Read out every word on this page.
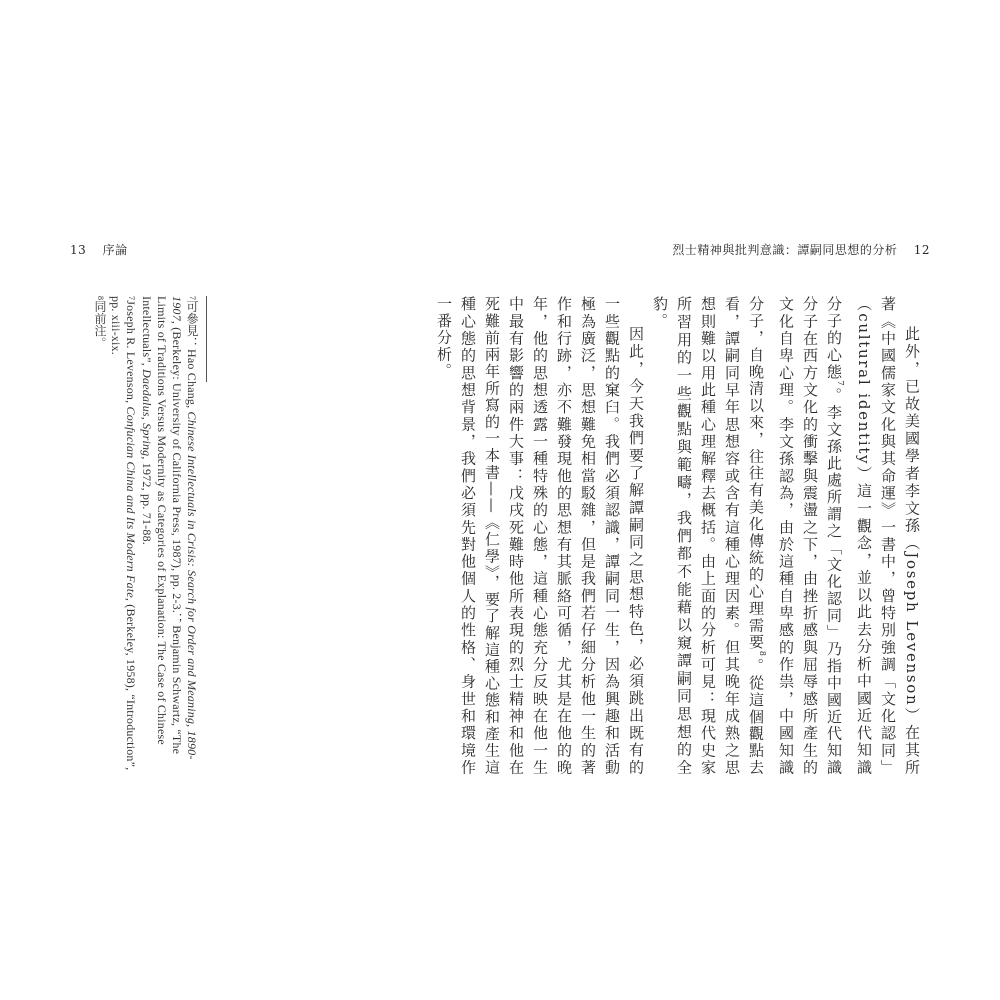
13 序論	烈士精神與批判意識：譚嗣同思想的分析 12

此外，已故美國學者李文孫（Joseph Levenson）在其所著《中國儒家文化與其命運》一書中，曾特別強調「文化認同」（cultural identity）這一觀念，並以此去分析中國近代知識分子的心態$^7$。李文孫此處所謂之「文化認同」乃指中國近代知識分子在西方文化的衝擊與震盪之下，由挫折感與屈辱感所產生的文化自卑心理。李文孫認為，由於這種自卑感的作祟，中國知識分子，自晚清以來，往往有美化傳統的心理需要$^8$。從這個觀點去看，譚嗣同早年思想容或含有這種心理因素。但其晚年成熟之思想則難以用此種心理解釋去概括。由上面的分析可見：現代史家所習用的一些觀點與範疇，我們都不能藉以窺譚嗣同思想的全豹。

因此，今天我們要了解譚嗣同之思想特色，必須跳出既有的一些觀點的窠臼。我們必須認識，譚嗣同一生，因為興趣和活動極為廣泛，思想難免相當駁雜，但是我們若仔細分析他一生的著作和行跡，亦不難發現他的思想有其脈絡可循，尤其是在他的晚年，他的思想透露一種特殊的心態，這種心態充分反映在他一生中最有影響的兩件大事：戊戌死難時他所表現的烈士精神和他在死難前兩年所寫的一本書——《仁學》，要了解這種心態和產生這種心態的思想背景，我們必須先對他個人的性格、身世和環境作一番分析。

7可參見：Hao Chang, Chinese Intellectuals in Crisis: Search for Order and Meaning, 1890-1907, (Berkeley: University of California Press, 1987), pp. 2-3.；Benjamin Schwartz, “The Limits of Traditions Versus Modernity as Categories of Explanation: The Case of Chinese Intellectuals”, Daedalus, Spring, 1972, pp. 71-88.

7Joseph R. Levenson, Confucian China and Its Modern Fate, (Berkeley, 1958), “Introduction”, pp. xiii-xix.

8同前注。
